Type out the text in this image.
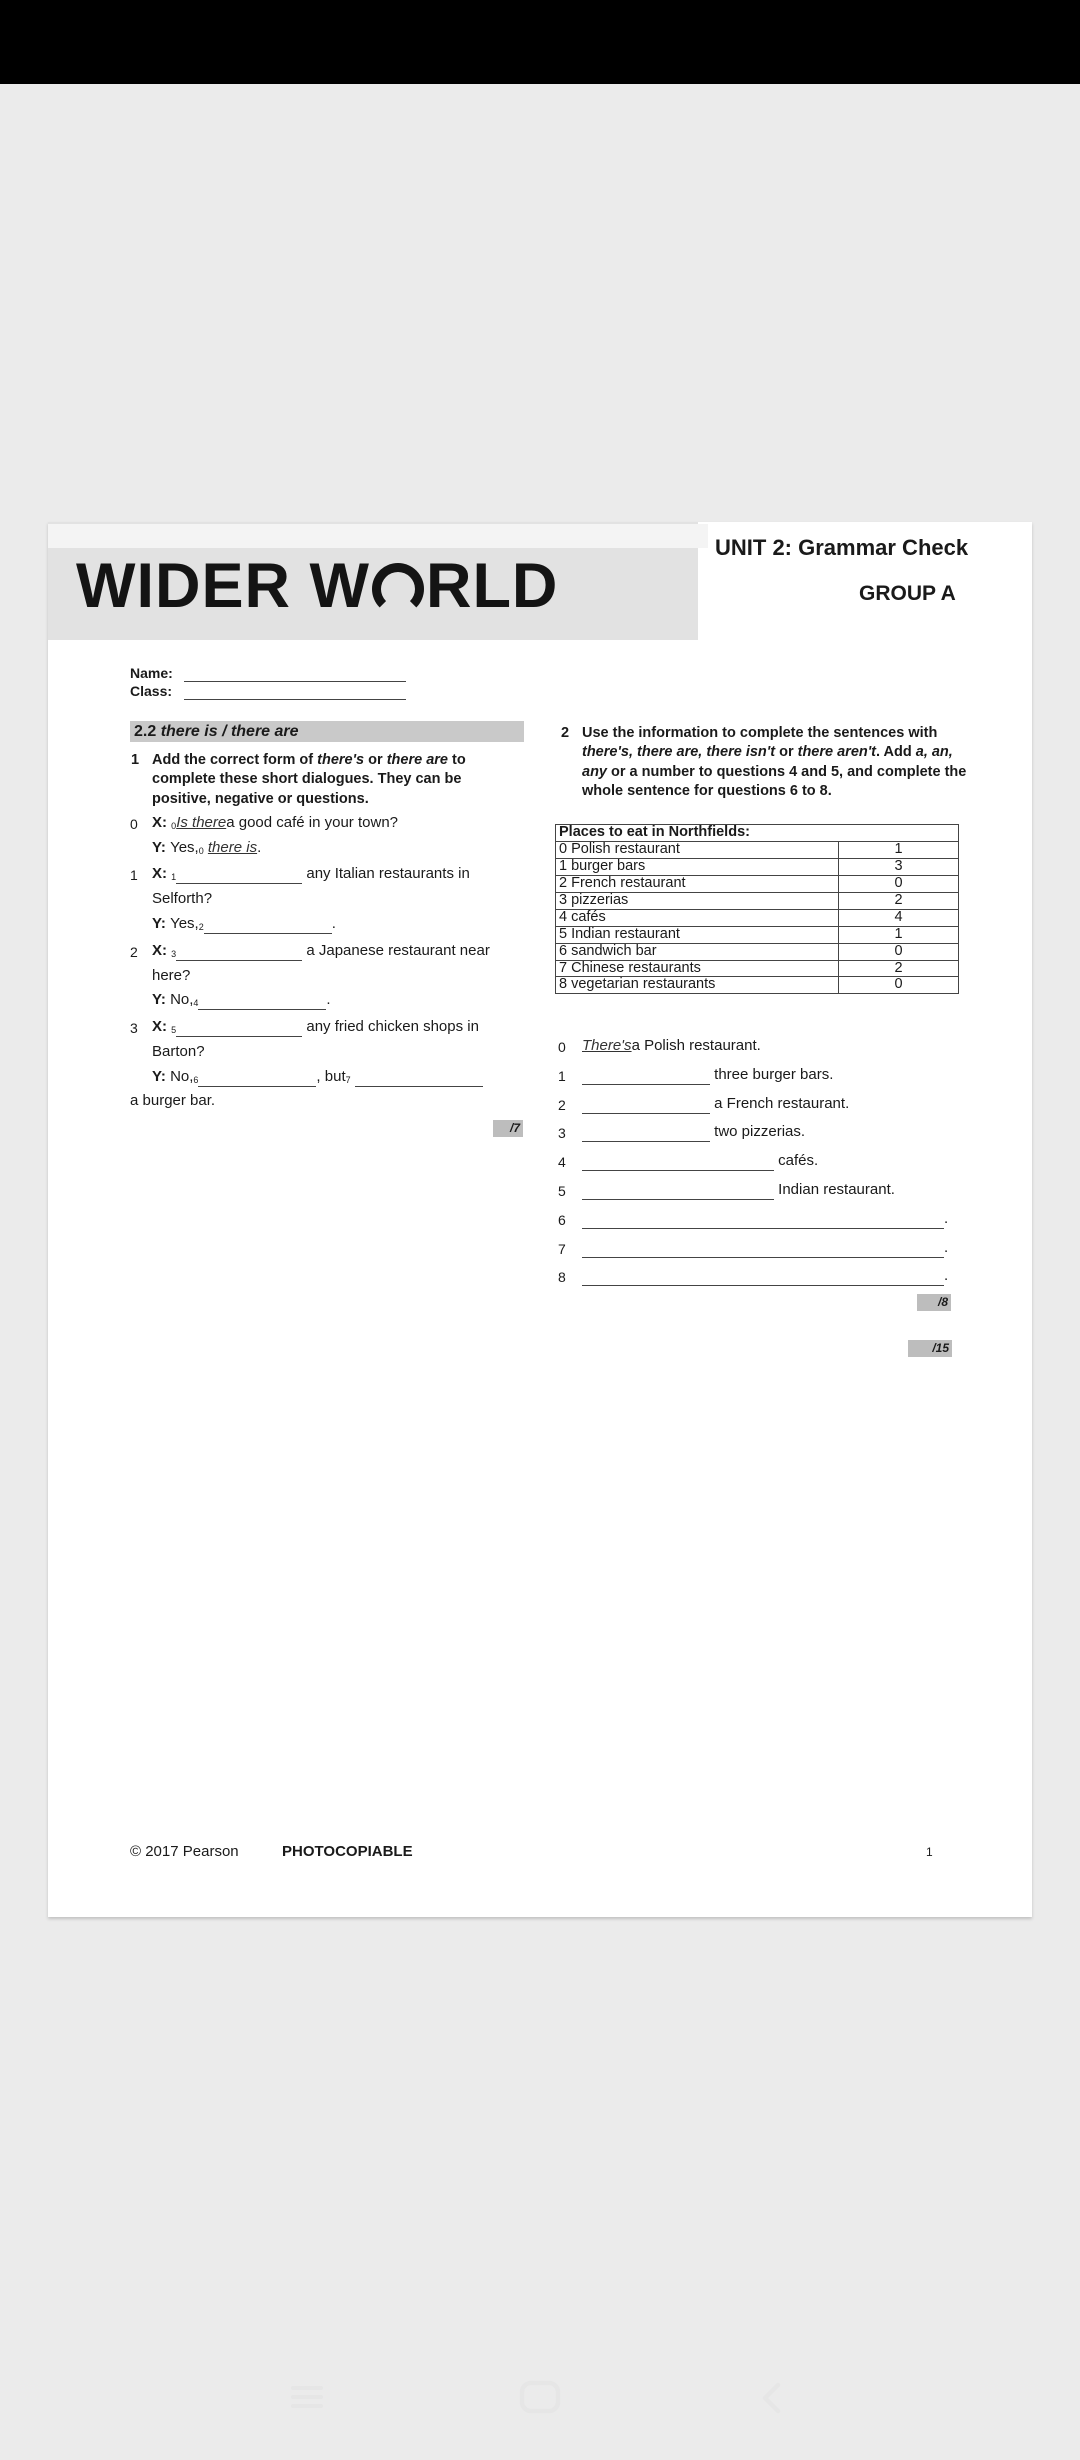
WIDER W RLD
UNIT 2: Grammar Check
GROUP A
Name:
Class:
2.2 there is / there are
1 Add the correct form of there's or there are to complete these short dialogues. They can be positive, negative or questions.
0 X:
$_0$ Is there a good café in your town?
Y:
Yes, $_0$
there is .
1 X:
$_1$
	any Italian restaurants in
Selforth?
Y:
Yes, $_2$	.
2 X:
$_3$
	a Japanese restaurant near
here?
Y:
No, $_4$	.
3 X:
$_5$
	any fried chicken shops in
Barton?
Y:
No, $_6$	, but $_7$

a burger bar.
/7
2 Use the information to complete the sentences with there's, there are, there isn't or there aren't. Add a, an, any or a number to questions 4 and 5, and complete the whole sentence for questions 6 to 8.
Places to eat in Northfields:	
0 Polish restaurant	1
1 burger bars	3
2 French restaurant	0
3 pizzerias	2
4 cafés	4
5 Indian restaurant	1
6 sandwich bar	0
7 Chinese restaurants	2
8 vegetarian restaurants	0
0 There's a Polish restaurant.
1
	three burger bars.
2
	a French restaurant.
3
	two pizzerias.
4
	cafés.
5
	Indian restaurant.
6	.
7	.
8	.
/8
/15
© 2017 Pearson	PHOTOCOPIABLE	1
